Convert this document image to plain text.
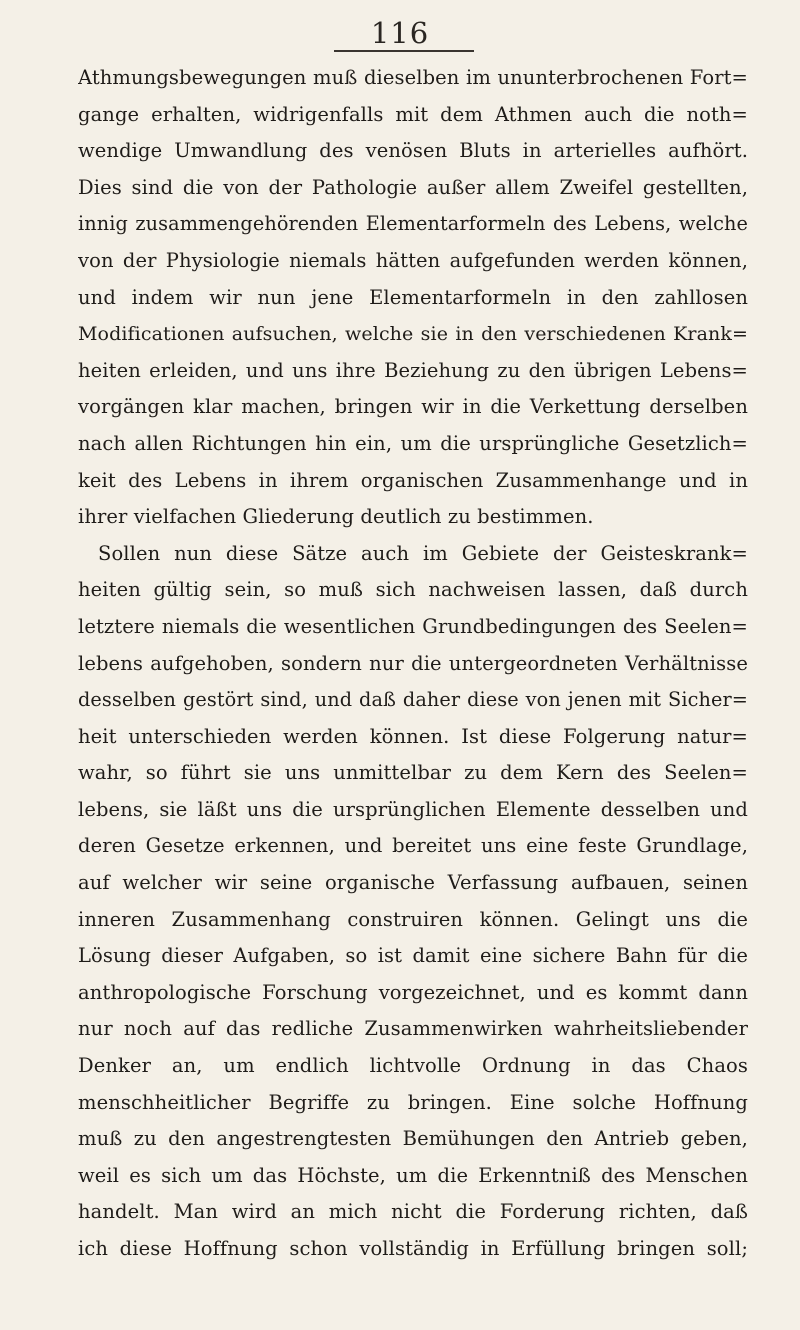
116
Athmungsbewegungen muß dieselben im ununterbrochenen Fort=
gange erhalten, widrigenfalls mit dem Athmen auch die noth=
wendige Umwandlung des venösen Bluts in arterielles aufhört.
Dies sind die von der Pathologie außer allem Zweifel gestellten,
innig zusammengehörenden Elementarformeln des Lebens, welche
von der Physiologie niemals hätten aufgefunden werden können,
und indem wir nun jene Elementarformeln in den zahllosen
Modificationen aufsuchen, welche sie in den verschiedenen Krank=
heiten erleiden, und uns ihre Beziehung zu den übrigen Lebens=
vorgängen klar machen, bringen wir in die Verkettung derselben
nach allen Richtungen hin ein, um die ursprüngliche Gesetzlich=
keit des Lebens in ihrem organischen Zusammenhange und in
ihrer vielfachen Gliederung deutlich zu bestimmen.
Sollen nun diese Sätze auch im Gebiete der Geisteskrank=
heiten gültig sein, so muß sich nachweisen lassen, daß durch
letztere niemals die wesentlichen Grundbedingungen des Seelen=
lebens aufgehoben, sondern nur die untergeordneten Verhältnisse
desselben gestört sind, und daß daher diese von jenen mit Sicher=
heit unterschieden werden können. Ist diese Folgerung natur=
wahr, so führt sie uns unmittelbar zu dem Kern des Seelen=
lebens, sie läßt uns die ursprünglichen Elemente desselben und
deren Gesetze erkennen, und bereitet uns eine feste Grundlage,
auf welcher wir seine organische Verfassung aufbauen, seinen
inneren Zusammenhang construiren können. Gelingt uns die
Lösung dieser Aufgaben, so ist damit eine sichere Bahn für die
anthropologische Forschung vorgezeichnet, und es kommt dann
nur noch auf das redliche Zusammenwirken wahrheitsliebender
Denker an, um endlich lichtvolle Ordnung in das Chaos
menschheitlicher Begriffe zu bringen. Eine solche Hoffnung
muß zu den angestrengtesten Bemühungen den Antrieb geben,
weil es sich um das Höchste, um die Erkenntniß des Menschen
handelt. Man wird an mich nicht die Forderung richten, daß
ich diese Hoffnung schon vollständig in Erfüllung bringen soll;
